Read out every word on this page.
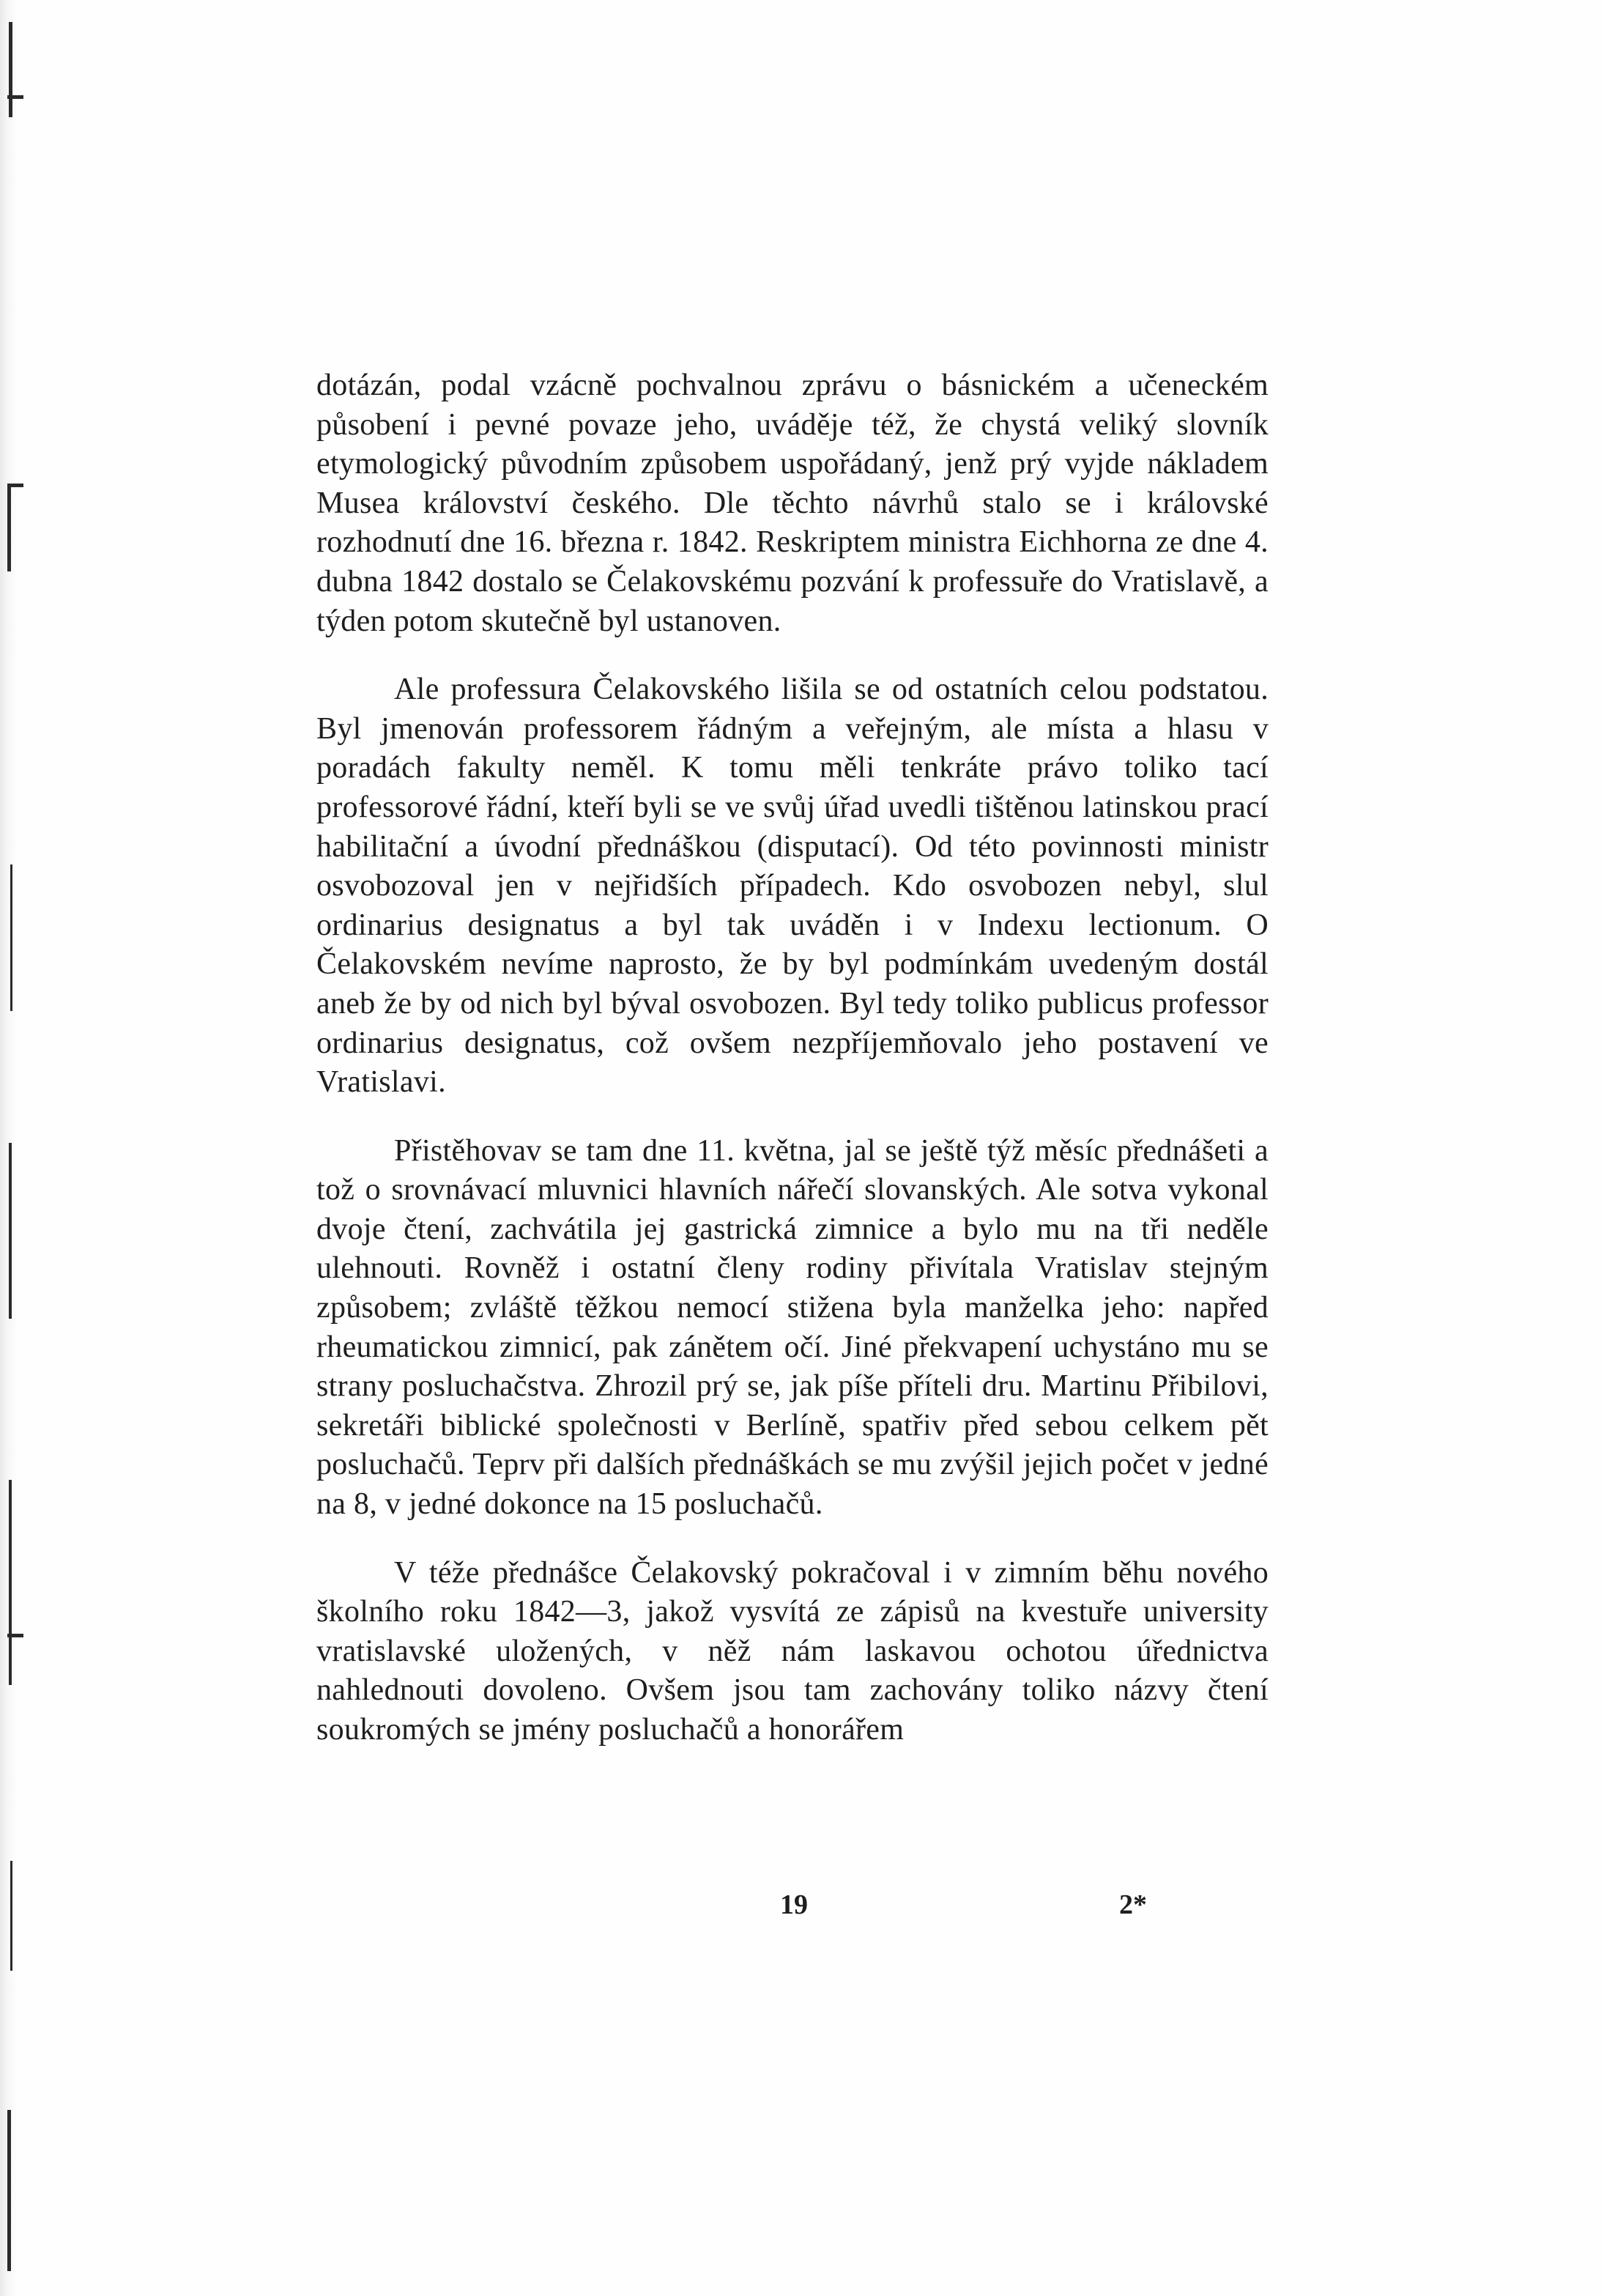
dotázán, podal vzácně pochvalnou zprávu o básnickém a učeneckém působení i pevné povaze jeho, uváděje též, že chystá veliký slovník etymologický původním způsobem uspořádaný, jenž prý vyjde nákladem Musea království českého. Dle těchto návrhů stalo se i královské rozhodnutí dne 16. března r. 1842. Reskriptem ministra Eichhorna ze dne 4. dubna 1842 dostalo se Čelakovskému pozvání k professuře do Vratislavě, a týden potom skutečně byl ustanoven.

Ale professura Čelakovského lišila se od ostatních celou podstatou. Byl jmenován professorem řádným a veřejným, ale místa a hlasu v poradách fakulty neměl. K tomu měli tenkráte právo toliko tací professorové řádní, kteří byli se ve svůj úřad uvedli tištěnou latinskou prací habilitační a úvodní přednáškou (disputací). Od této povinnosti ministr osvobozoval jen v nejřidších případech. Kdo osvobozen nebyl, slul ordinarius designatus a byl tak uváděn i v Indexu lectionum. O Čelakovském nevíme naprosto, že by byl podmínkám uvedeným dostál aneb že by od nich byl býval osvobozen. Byl tedy toliko publicus professor ordinarius designatus, což ovšem nezpříjemňovalo jeho postavení ve Vratislavi.

Přistěhovav se tam dne 11. května, jal se ještě týž měsíc přednášeti a tož o srovnávací mluvnici hlavních nářečí slovanských. Ale sotva vykonal dvoje čtení, zachvátila jej gastrická zimnice a bylo mu na tři neděle ulehnouti. Rovněž i ostatní členy rodiny přivítala Vratislav stejným způsobem; zvláště těžkou nemocí stižena byla manželka jeho: napřed rheumatickou zimnicí, pak zánětem očí. Jiné překvapení uchystáno mu se strany posluchačstva. Zhrozil prý se, jak píše příteli dru. Martinu Přibilovi, sekretáři biblické společnosti v Berlíně, spatřiv před sebou celkem pět posluchačů. Teprv při dalších přednáškách se mu zvýšil jejich počet v jedné na 8, v jedné dokonce na 15 posluchačů.

V téže přednášce Čelakovský pokračoval i v zimním běhu nového školního roku 1842—3, jakož vysvítá ze zápisů na kvestuře university vratislavské uložených, v něž nám laskavou ochotou úřednictva nahlednouti dovoleno. Ovšem jsou tam zachovány toliko názvy čtení soukromých se jmény posluchačů a honorářem

19	2*
